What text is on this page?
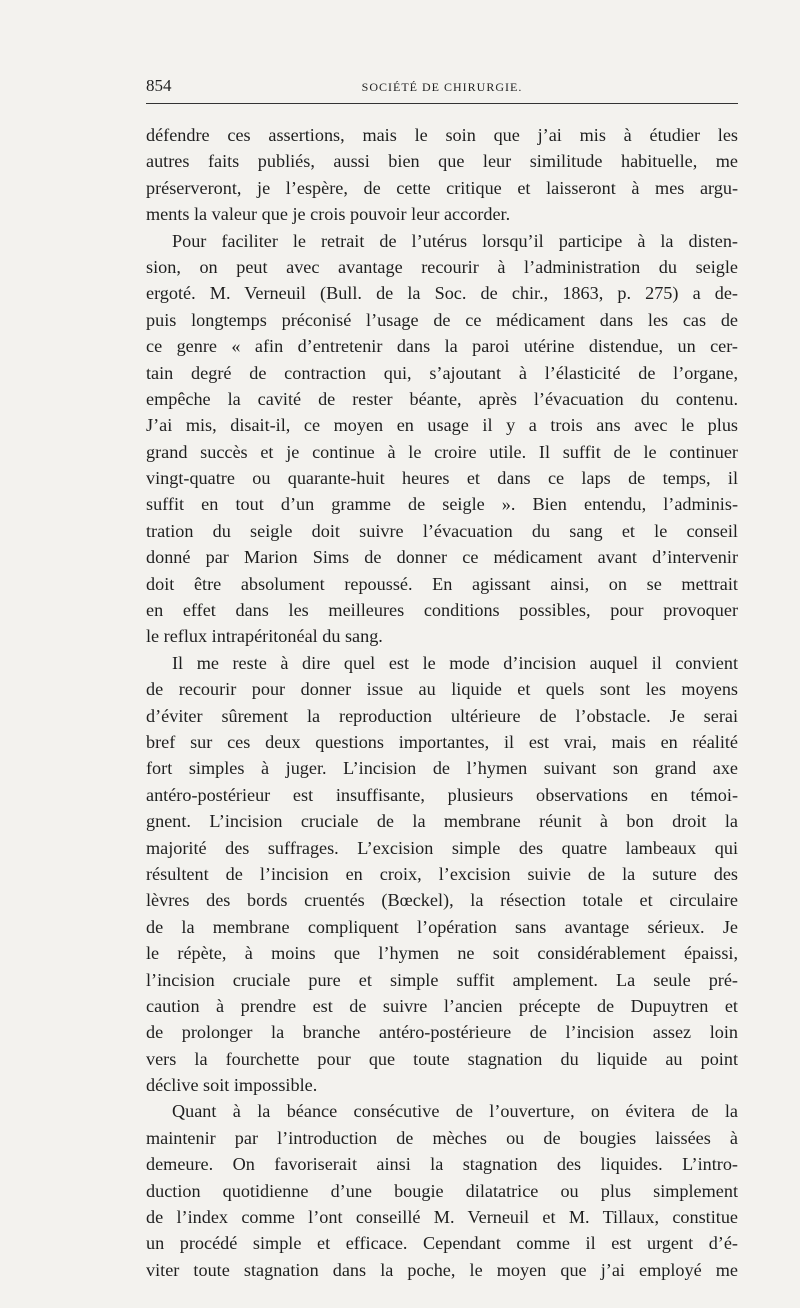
854	SOCIÉTÉ DE CHIRURGIE.
défendre ces assertions, mais le soin que j’ai mis à étudier les
autres faits publiés, aussi bien que leur similitude habituelle, me
préserveront, je l’espère, de cette critique et laisseront à mes argu-
ments la valeur que je crois pouvoir leur accorder.
Pour faciliter le retrait de l’utérus lorsqu’il participe à la disten-
sion, on peut avec avantage recourir à l’administration du seigle
ergoté. M. Verneuil (Bull. de la Soc. de chir., 1863, p. 275) a de-
puis longtemps préconisé l’usage de ce médicament dans les cas de
ce genre « afin d’entretenir dans la paroi utérine distendue, un cer-
tain degré de contraction qui, s’ajoutant à l’élasticité de l’organe,
empêche la cavité de rester béante, après l’évacuation du contenu.
J’ai mis, disait-il, ce moyen en usage il y a trois ans avec le plus
grand succès et je continue à le croire utile. Il suffit de le continuer
vingt-quatre ou quarante-huit heures et dans ce laps de temps, il
suffit en tout d’un gramme de seigle ». Bien entendu, l’adminis-
tration du seigle doit suivre l’évacuation du sang et le conseil
donné par Marion Sims de donner ce médicament avant d’intervenir
doit être absolument repoussé. En agissant ainsi, on se mettrait
en effet dans les meilleures conditions possibles, pour provoquer
le reflux intrapéritonéal du sang.
Il me reste à dire quel est le mode d’incision auquel il convient
de recourir pour donner issue au liquide et quels sont les moyens
d’éviter sûrement la reproduction ultérieure de l’obstacle. Je serai
bref sur ces deux questions importantes, il est vrai, mais en réalité
fort simples à juger. L’incision de l’hymen suivant son grand axe
antéro-postérieur est insuffisante, plusieurs observations en témoi-
gnent. L’incision cruciale de la membrane réunit à bon droit la
majorité des suffrages. L’excision simple des quatre lambeaux qui
résultent de l’incision en croix, l’excision suivie de la suture des
lèvres des bords cruentés (Bœckel), la résection totale et circulaire
de la membrane compliquent l’opération sans avantage sérieux. Je
le répète, à moins que l’hymen ne soit considérablement épaissi,
l’incision cruciale pure et simple suffit amplement. La seule pré-
caution à prendre est de suivre l’ancien précepte de Dupuytren et
de prolonger la branche antéro-postérieure de l’incision assez loin
vers la fourchette pour que toute stagnation du liquide au point
déclive soit impossible.
Quant à la béance consécutive de l’ouverture, on évitera de la
maintenir par l’introduction de mèches ou de bougies laissées à
demeure. On favoriserait ainsi la stagnation des liquides. L’intro-
duction quotidienne d’une bougie dilatatrice ou plus simplement
de l’index comme l’ont conseillé M. Verneuil et M. Tillaux, constitue
un procédé simple et efficace. Cependant comme il est urgent d’é-
viter toute stagnation dans la poche, le moyen que j’ai employé me
